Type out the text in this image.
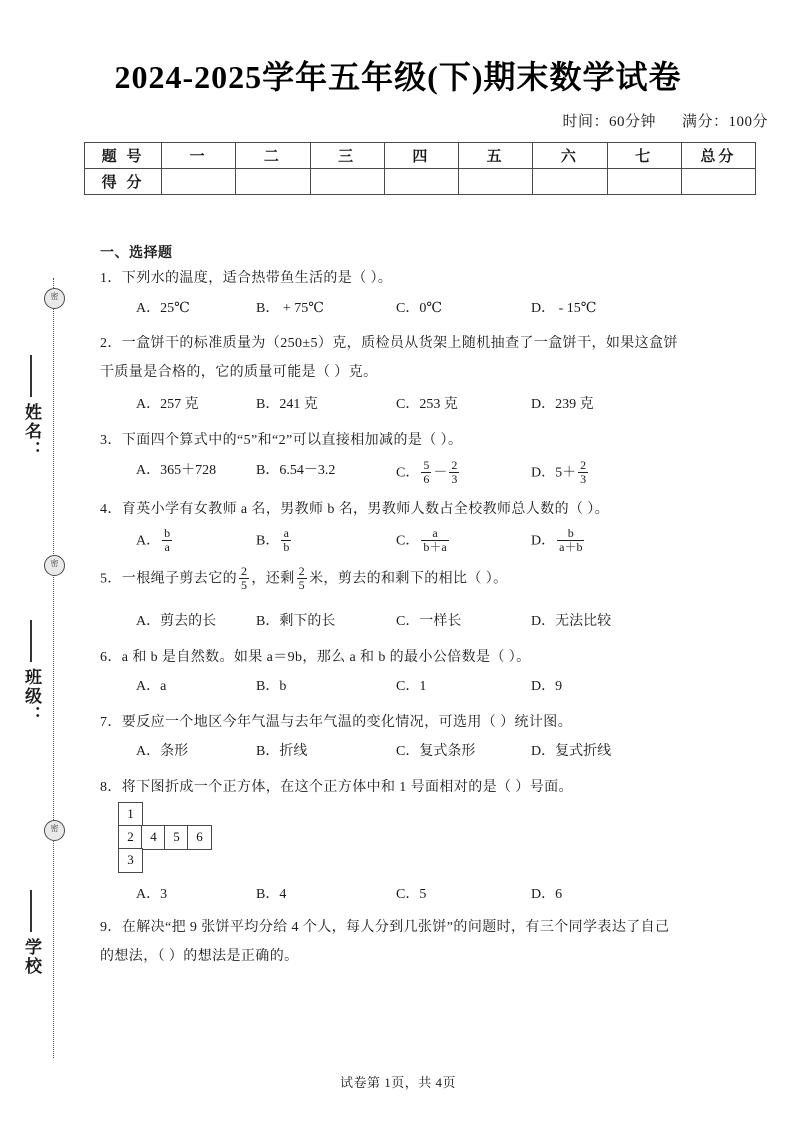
密
密
密
姓名：
班级：
学校
2024-2025学年五年级(下)期末数学试卷
时间：60分钟 满分：100分
题 号	一	二	三	四	五	六	七	总分
得 分								
一、选择题
1．下列水的温度，适合热带鱼生活的是（ ）。
A．25℃	B． + 75℃	C．0℃	D． - 15℃
2．一盒饼干的标准质量为（250±5）克，质检员从货架上随机抽查了一盒饼干，如果这盒饼
干质量是合格的，它的质量可能是（ ）克。
A．257 克	B．241 克	C．253 克	D．239 克
3．下面四个算式中的“5”和“2”可以直接相加减的是（ ）。
A．365＋728	B．6.54－3.2	C． $\frac{5}{6} - \frac{2}{3}$	D．$5+ \frac{2}{3}$
4．育英小学有女教师 a 名，男教师 b 名，男教师人数占全校教师总人数的（ ）。
A． $\frac{b}{a}$	B． $\frac{a}{b}$	C． $\frac{a}{b+a}$	D． $\frac{b}{a+b}$
5．一根绳子剪去它的 $\frac{2}{5}$ ，还剩 $\frac{2}{5}$ 米，剪去的和剩下的相比（ ）。
A．剪去的长	B．剩下的长	C．一样长	D．无法比较
6．a 和 b 是自然数。如果 a＝9b，那么 a 和 b 的最小公倍数是（ ）。
A．a	B．b	C．1	D．9
7．要反应一个地区今年气温与去年气温的变化情况，可选用（ ）统计图。
A．条形	B．折线	C．复式条形	D．复式折线
8．将下图折成一个正方体，在这个正方体中和 1 号面相对的是（ ）号面。
1
2	4	5	6
3
A．3	B．4	C．5	D．6
9．在解决“把 9 张饼平均分给 4 个人，每人分到几张饼”的问题时，有三个同学表达了自己
的想法，（ ）的想法是正确的。
试卷第 1页，共 4页
